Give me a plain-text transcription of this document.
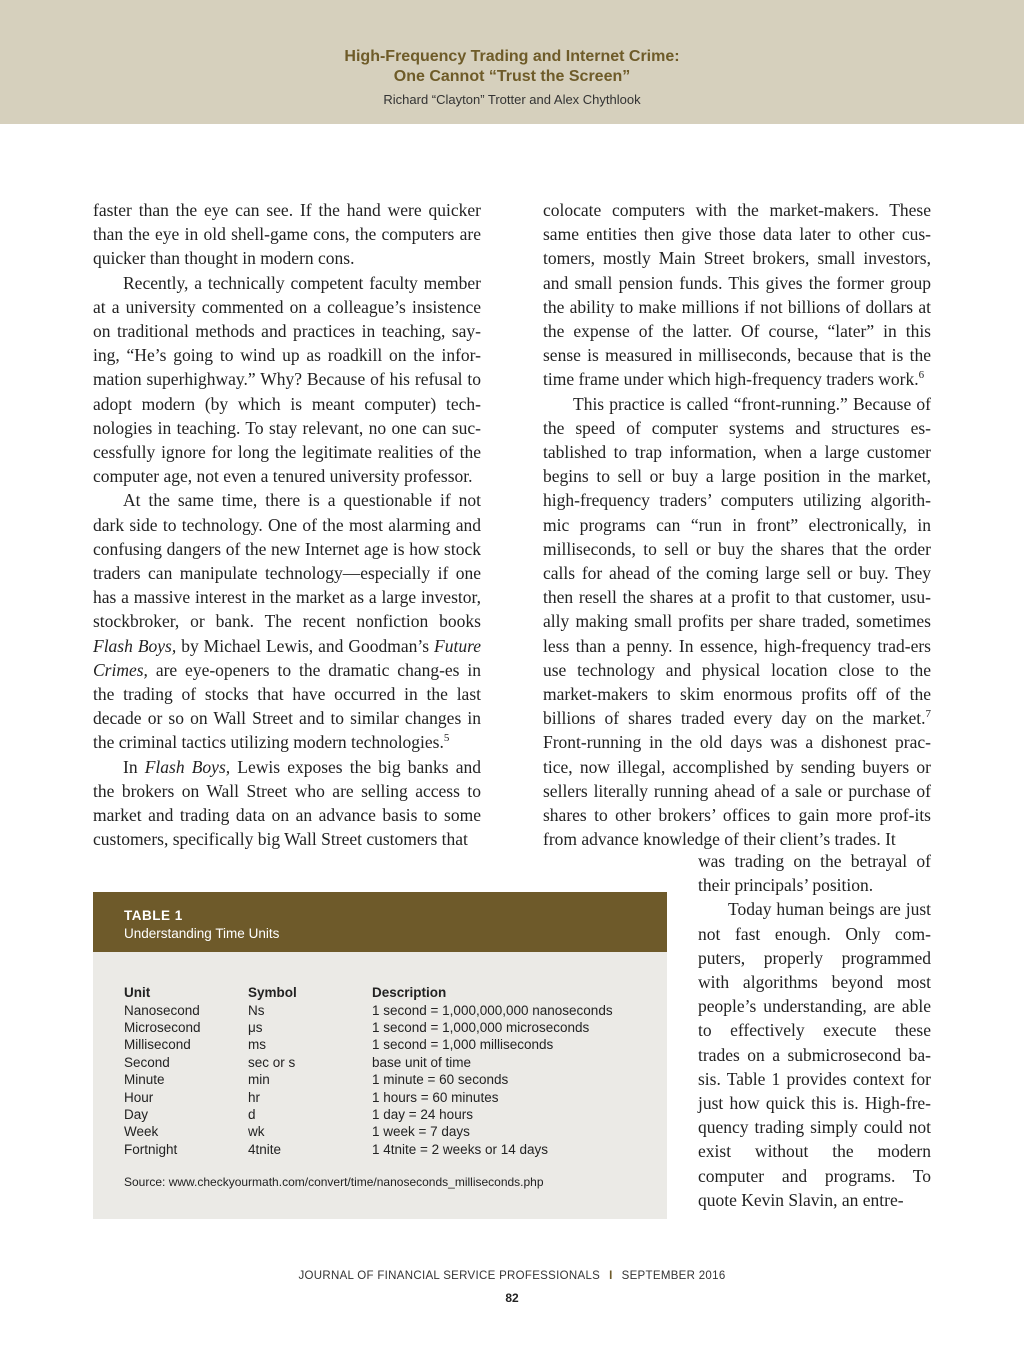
High-Frequency Trading and Internet Crime:
One Cannot “Trust the Screen”
Richard “Clayton” Trotter and Alex Chythlook

faster than the eye can see. If the hand were quicker than the eye in old shell-game cons, the computers are quicker than thought in modern cons.

Recently, a technically competent faculty member at a university commented on a colleague’s insistence on traditional methods and practices in teaching, say-ing, “He’s going to wind up as roadkill on the infor-mation superhighway.” Why? Because of his refusal to adopt modern (by which is meant computer) tech-nologies in teaching. To stay relevant, no one can suc-cessfully ignore for long the legitimate realities of the computer age, not even a tenured university professor.

At the same time, there is a questionable if not dark side to technology. One of the most alarming and confusing dangers of the new Internet age is how stock traders can manipulate technology—especially if one has a massive interest in the market as a large investor, stockbroker, or bank. The recent nonfiction books Flash Boys, by Michael Lewis, and Goodman’s Future Crimes, are eye-openers to the dramatic chang-es in the trading of stocks that have occurred in the last decade or so on Wall Street and to similar changes in the criminal tactics utilizing modern technologies.$^5$

In Flash Boys, Lewis exposes the big banks and the brokers on Wall Street who are selling access to market and trading data on an advance basis to some customers, specifically big Wall Street customers that

colocate computers with the market-makers. These same entities then give those data later to other cus-tomers, mostly Main Street brokers, small investors, and small pension funds. This gives the former group the ability to make millions if not billions of dollars at the expense of the latter. Of course, “later” in this sense is measured in milliseconds, because that is the time frame under which high-frequency traders work.$^6$

This practice is called “front-running.” Because of the speed of computer systems and structures es-tablished to trap information, when a large customer begins to sell or buy a large position in the market, high-frequency traders’ computers utilizing algorith-mic programs can “run in front” electronically, in milliseconds, to sell or buy the shares that the order calls for ahead of the coming large sell or buy. They then resell the shares at a profit to that customer, usu-ally making small profits per share traded, sometimes less than a penny. In essence, high-frequency trad-ers use technology and physical location close to the market-makers to skim enormous profits off of the billions of shares traded every day on the market.$^7$ Front-running in the old days was a dishonest prac-tice, now illegal, accomplished by sending buyers or sellers literally running ahead of a sale or purchase of shares to other brokers’ offices to gain more prof-its from advance knowledge of their client’s trades. It

was trading on the betrayal of their principals’ position.

Today human beings are just not fast enough. Only com-puters, properly programmed with algorithms beyond most people’s understanding, are able to effectively execute these trades on a submicrosecond ba-sis. Table 1 provides context for just how quick this is. High-fre-quency trading simply could not exist without the modern computer and programs. To quote Kevin Slavin, an entre-

TABLE 1
Understanding Time Units
Unit	Symbol	Description
Nanosecond	Ns	1 second = 1,000,000,000 nanoseconds
Microsecond	μs	1 second = 1,000,000 microseconds
Millisecond	ms	1 second = 1,000 milliseconds
Second	sec or s	base unit of time
Minute	min	1 minute = 60 seconds
Hour	hr	1 hours = 60 minutes
Day	d	1 day = 24 hours
Week	wk	1 week = 7 days
Fortnight	4tnite	1 4tnite = 2 weeks or 14 days
Source: www.checkyourmath.com/convert/time/nanoseconds_milliseconds.php
JOURNAL OF FINANCIAL SERVICE PROFESSIONALS I SEPTEMBER 2016
82
